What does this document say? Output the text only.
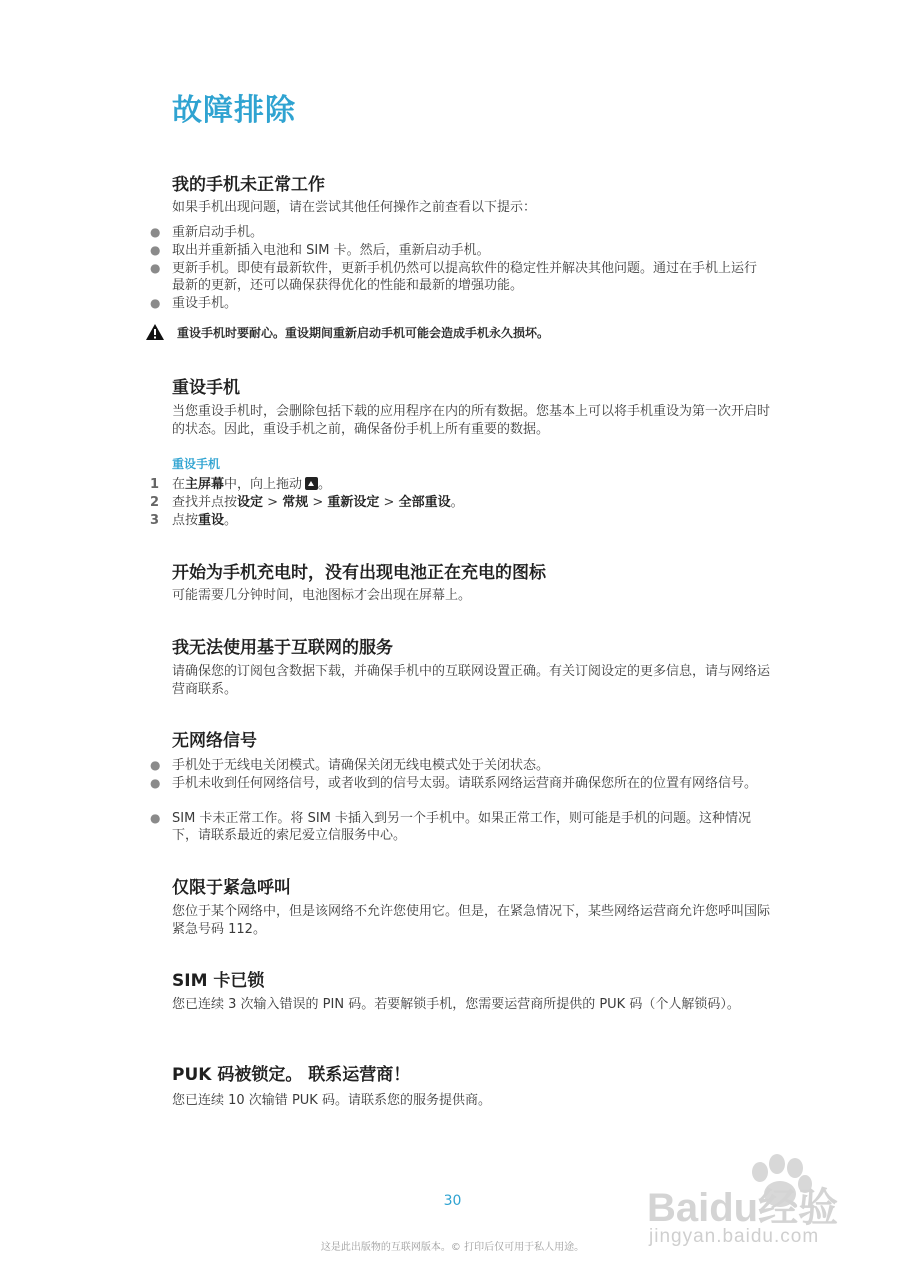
故障排除
我的手机未正常工作
如果手机出现问题，请在尝试其他任何操作之前查看以下提示：
● 重新启动手机。
● 取出并重新插入电池和 SIM 卡。然后，重新启动手机。
● 更新手机。即使有最新软件，更新手机仍然可以提高软件的稳定性并解决其他问题。通过在手机上运行最新的更新，还可以确保获得优化的性能和最新的增强功能。
● 重设手机。
重设手机时要耐心。重设期间重新启动手机可能会造成手机永久损坏。
重设手机
当您重设手机时，会删除包括下载的应用程序在内的所有数据。您基本上可以将手机重设为第一次开启时的状态。因此，重设手机之前，确保备份手机上所有重要的数据。
重设手机
1 在主屏幕中，向上拖动 。
2 查找并点按设定 > 常规 > 重新设定 > 全部重设。
3 点按重设。
开始为手机充电时，没有出现电池正在充电的图标
可能需要几分钟时间，电池图标才会出现在屏幕上。
我无法使用基于互联网的服务
请确保您的订阅包含数据下载，并确保手机中的互联网设置正确。有关订阅设定的更多信息，请与网络运营商联系。
无网络信号
● 手机处于无线电关闭模式。请确保关闭无线电模式处于关闭状态。
● 手机未收到任何网络信号，或者收到的信号太弱。请联系网络运营商并确保您所在的位置有网络信号。
● SIM 卡未正常工作。将 SIM 卡插入到另一个手机中。如果正常工作，则可能是手机的问题。这种情况下，请联系最近的索尼爱立信服务中心。
仅限于紧急呼叫
您位于某个网络中，但是该网络不允许您使用它。但是，在紧急情况下，某些网络运营商允许您呼叫国际紧急号码 112。
SIM 卡已锁
您已连续 3 次输入错误的 PIN 码。若要解锁手机，您需要运营商所提供的 PUK 码（个人解锁码）。
PUK 码被锁定。 联系运营商！
您已连续 10 次输错 PUK 码。请联系您的服务提供商。
30
这是此出版物的互联网版本。© 打印后仅可用于私人用途。
Baidu经验
jingyan.baidu.com
